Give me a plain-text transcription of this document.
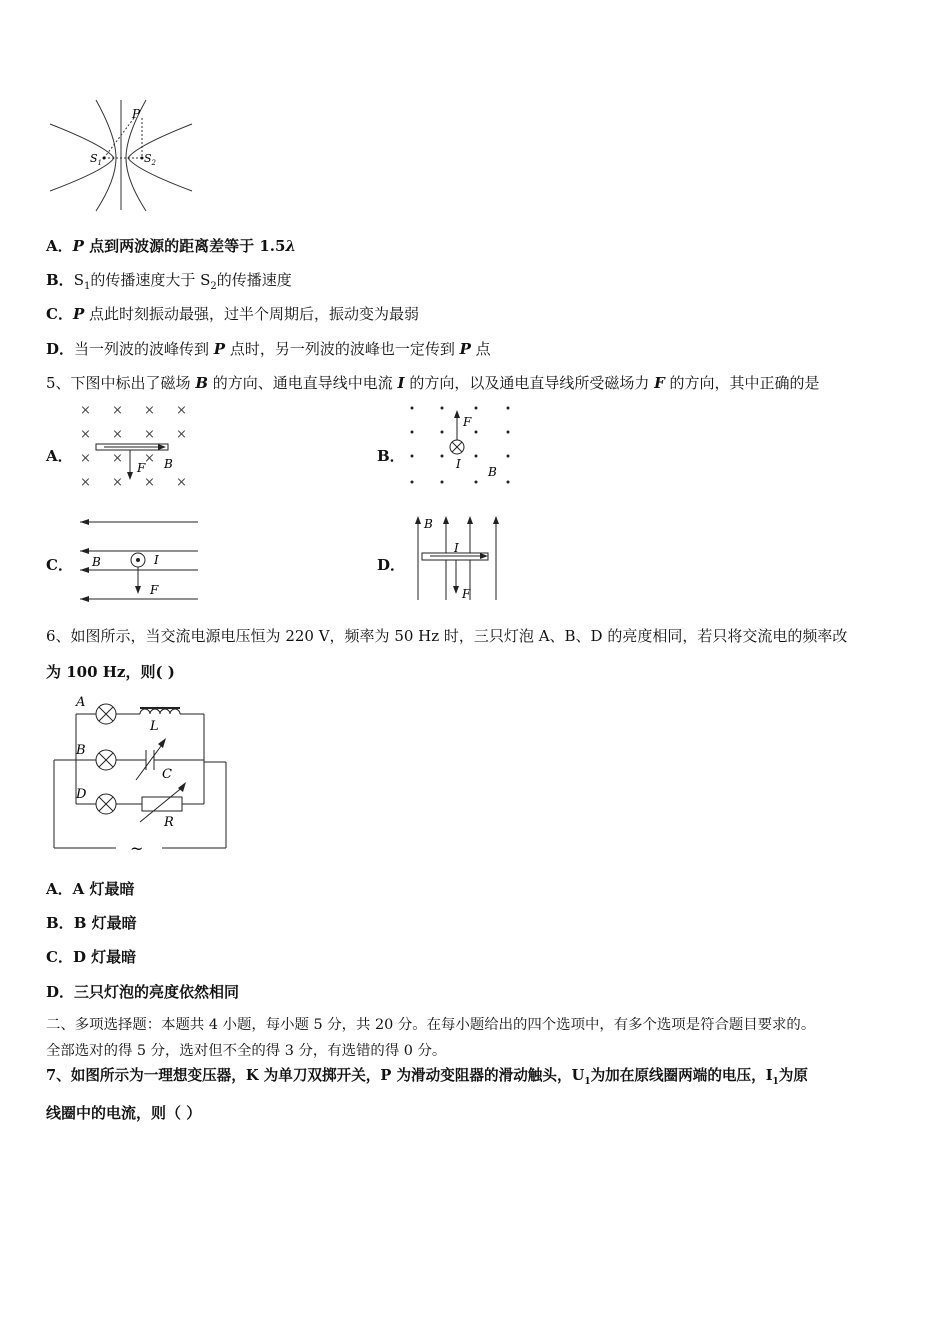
P
$S_1$	$S_2$
A．P 点到两波源的距离差等于 1.5λ
B．$S_1$的传播速度大于 $S_2$的传播速度
C．P 点此时刻振动最强，过半个周期后，振动变为最弱
D．当一列波的波峰传到 P 点时，另一列波的波峰也一定传到 P 点
5、下图中标出了磁场 B 的方向、通电直导线中电流 I 的方向，以及通电直导线所受磁场力 F 的方向，其中正确的是
A．
× × × ×
× × × ×
× × ×
× × × ×
F B	B．
F
I
B
C． B	I
F
D．
B
I
F
6、如图所示，当交流电源电压恒为 220 V，频率为 50 Hz 时，三只灯泡 A、B、D 的亮度相同，若只将交流电的频率改
为 100 Hz，则( )
A
B
D
L
C
R
~
A．A 灯最暗
B．B 灯最暗
C．D 灯最暗
D．三只灯泡的亮度依然相同
二、多项选择题：本题共 4 小题，每小题 5 分，共 20 分。在每小题给出的四个选项中，有多个选项是符合题目要求的。
全部选对的得 5 分，选对但不全的得 3 分，有选错的得 0 分。
7、如图所示为一理想变压器，K 为单刀双掷开关，P 为滑动变阻器的滑动触头，$U_1$为加在原线圈两端的电压，$I_1$为原
线圈中的电流，则（ ）
